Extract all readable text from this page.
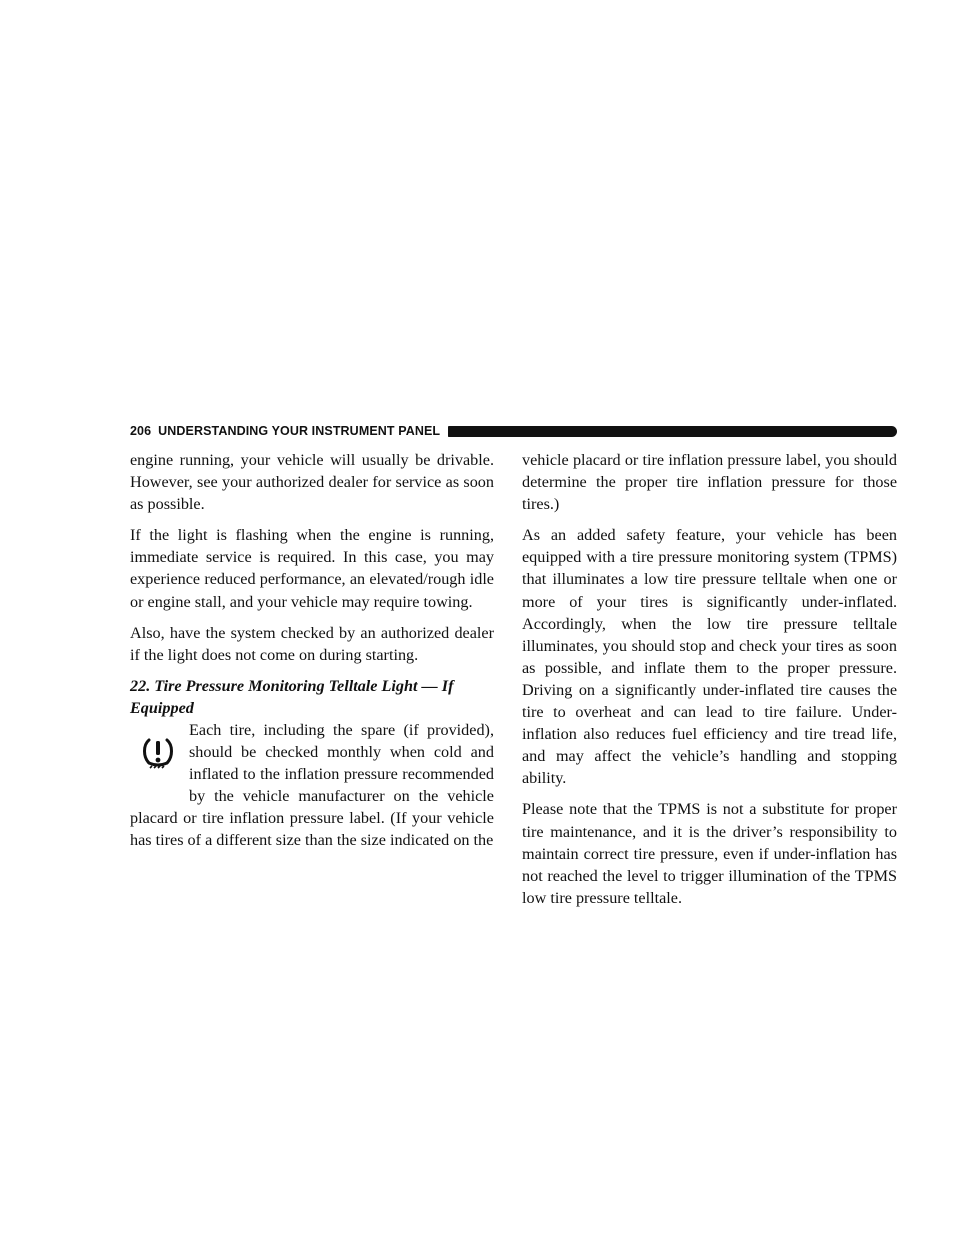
206 UNDERSTANDING YOUR INSTRUMENT PANEL

engine running, your vehicle will usually be drivable. However, see your authorized dealer for service as soon as possible.

If the light is flashing when the engine is running, immediate service is required. In this case, you may experience reduced performance, an elevated/rough idle or engine stall, and your vehicle may require towing.

Also, have the system checked by an authorized dealer if the light does not come on during starting.

22. Tire Pressure Monitoring Telltale Light — If Equipped

Each tire, including the spare (if provided), should be checked monthly when cold and inflated to the inflation pressure recommended by the vehicle manufacturer on the vehicle placard or tire inflation pressure label. (If your vehicle has tires of a different size than the size indicated on the

vehicle placard or tire inflation pressure label, you should determine the proper tire inflation pressure for those tires.)

As an added safety feature, your vehicle has been equipped with a tire pressure monitoring system (TPMS) that illuminates a low tire pressure telltale when one or more of your tires is significantly under-inflated. Accordingly, when the low tire pressure telltale illuminates, you should stop and check your tires as soon as possible, and inflate them to the proper pressure. Driving on a significantly under-inflated tire causes the tire to overheat and can lead to tire failure. Under-inflation also reduces fuel efficiency and tire tread life, and may affect the vehicle’s handling and stopping ability.

Please note that the TPMS is not a substitute for proper tire maintenance, and it is the driver’s responsibility to maintain correct tire pressure, even if under-inflation has not reached the level to trigger illumination of the TPMS low tire pressure telltale.
